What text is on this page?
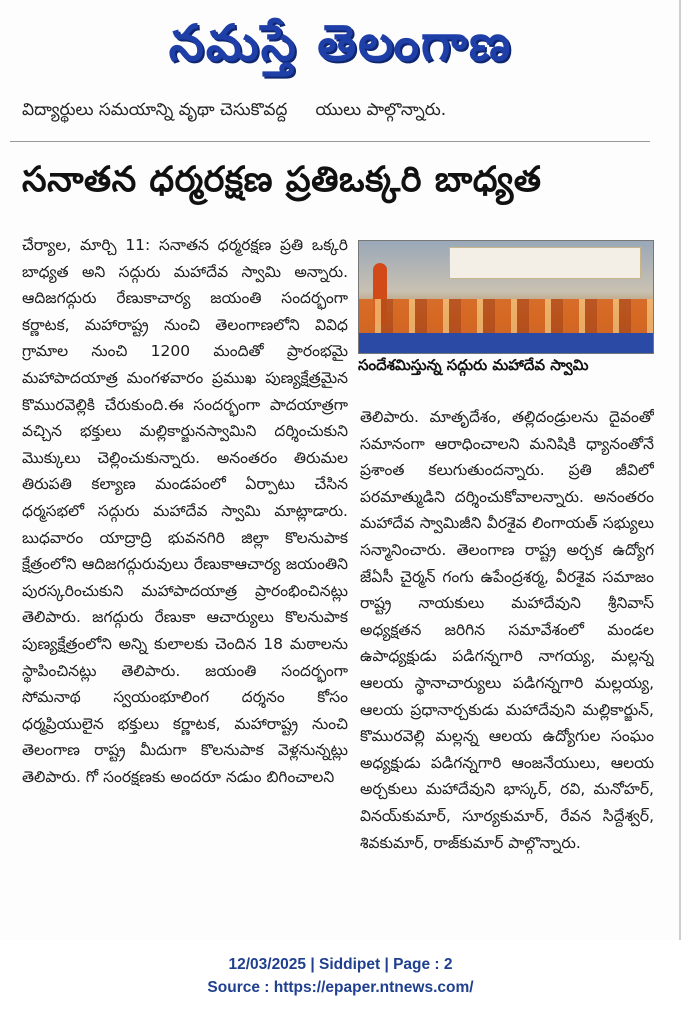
నమస్తే తెలంగాణ
విద్యార్థులు సమయాన్ని వృథా చెసుకొవద్ద యులు పాల్గొన్నారు.
సనాతన ధర్మరక్షణ ప్రతిఒక్కరి బాధ్యత

చేర్యాల, మార్చి 11: సనాతన ధర్మరక్షణ ప్రతి ఒక్కరి బాధ్యత అని సద్గురు మహాదేవ స్వామి అన్నారు. ఆదిజగద్గురు రేణుకాచార్య జయంతి సందర్భంగా కర్ణాటక, మహారాష్ట్ర నుంచి తెలంగాణలోని వివిధ గ్రామాల నుంచి 1200 మందితో ప్రారంభమై మహాపాదయాత్ర మంగళవారం ప్రముఖ పుణ్యక్షేత్రమైన కొమురవెల్లికి చేరుకుంది.ఈ సందర్భంగా పాదయాత్రగా వచ్చిన భక్తులు మల్లికార్జునస్వామిని దర్శించుకుని మొక్కులు చెల్లించుకున్నారు. అనంతరం తిరుమల తిరుపతి కల్యాణ మండపంలో ఏర్పాటు చేసిన ధర్మసభలో సద్గురు మహాదేవ స్వామి మాట్లాడారు. బుధవారం యాద్రాద్రి భువనగిరి జిల్లా కొలనుపాక క్షేత్రంలోని ఆదిజగద్గురువులు రేణుకాఆచార్య జయంతిని పురస్కరించుకుని మహాపాదయాత్ర ప్రారంభించినట్లు తెలిపారు. జగద్గురు రేణుకా ఆచార్యులు కొలనుపాక పుణ్యక్షేత్రంలోని అన్ని కులాలకు చెందిన 18 మఠాలను స్థాపించినట్లు తెలిపారు. జయంతి సందర్భంగా సోమనాథ స్వయంభూలింగ దర్శనం కోసం ధర్మప్రియులైన భక్తులు కర్ణాటక, మహారాష్ట్ర నుంచి తెలంగాణ రాష్ట్ర మీదుగా కొలనుపాక వెళ్లనున్నట్లు తెలిపారు. గో సంరక్షణకు అందరూ నడుం బిగించాలని

సందేశమిస్తున్న సద్గురు మహాదేవ స్వామి

తెలిపారు. మాతృదేశం, తల్లిదండ్రులను దైవంతో సమానంగా ఆరాధించాలని మనిషికి ధ్యానంతోనే ప్రశాంత కలుగుతుందన్నారు. ప్రతి జీవిలో పరమాత్ముడిని దర్శించుకోవాలన్నారు. అనంతరం మహాదేవ స్వామిజీని వీరశైవ లింగాయత్ సభ్యులు సన్మానించారు. తెలంగాణ రాష్ట్ర అర్చక ఉద్యోగ జేఏసీ చైర్మన్ గంగు ఉపేంద్రశర్మ, వీరశైవ సమాజం రాష్ట్ర నాయకులు మహాదేవుని శ్రీనివాస్ అధ్యక్షతన జరిగిన సమావేశంలో మండల ఉపాధ్యక్షుడు పడిగన్నగారి నాగయ్య, మల్లన్న ఆలయ స్థానాచార్యులు పడిగన్నగారి మల్లయ్య, ఆలయ ప్రధానార్చకుడు మహాదేవుని మల్లికార్జున్, కొమురవెల్లి మల్లన్న ఆలయ ఉద్యోగుల సంఘం అధ్యక్షుడు పడిగన్నగారి ఆంజనేయులు, ఆలయ అర్చకులు మహాదేవుని భాస్కర్, రవి, మనోహర్, వినయ్‌కుమార్, సూర్యకుమార్, రేవన సిద్దేశ్వర్, శివకుమార్, రాజ్‌కుమార్ పాల్గొన్నారు.

12/03/2025 | Siddipet | Page : 2
Source : https://epaper.ntnews.com/
